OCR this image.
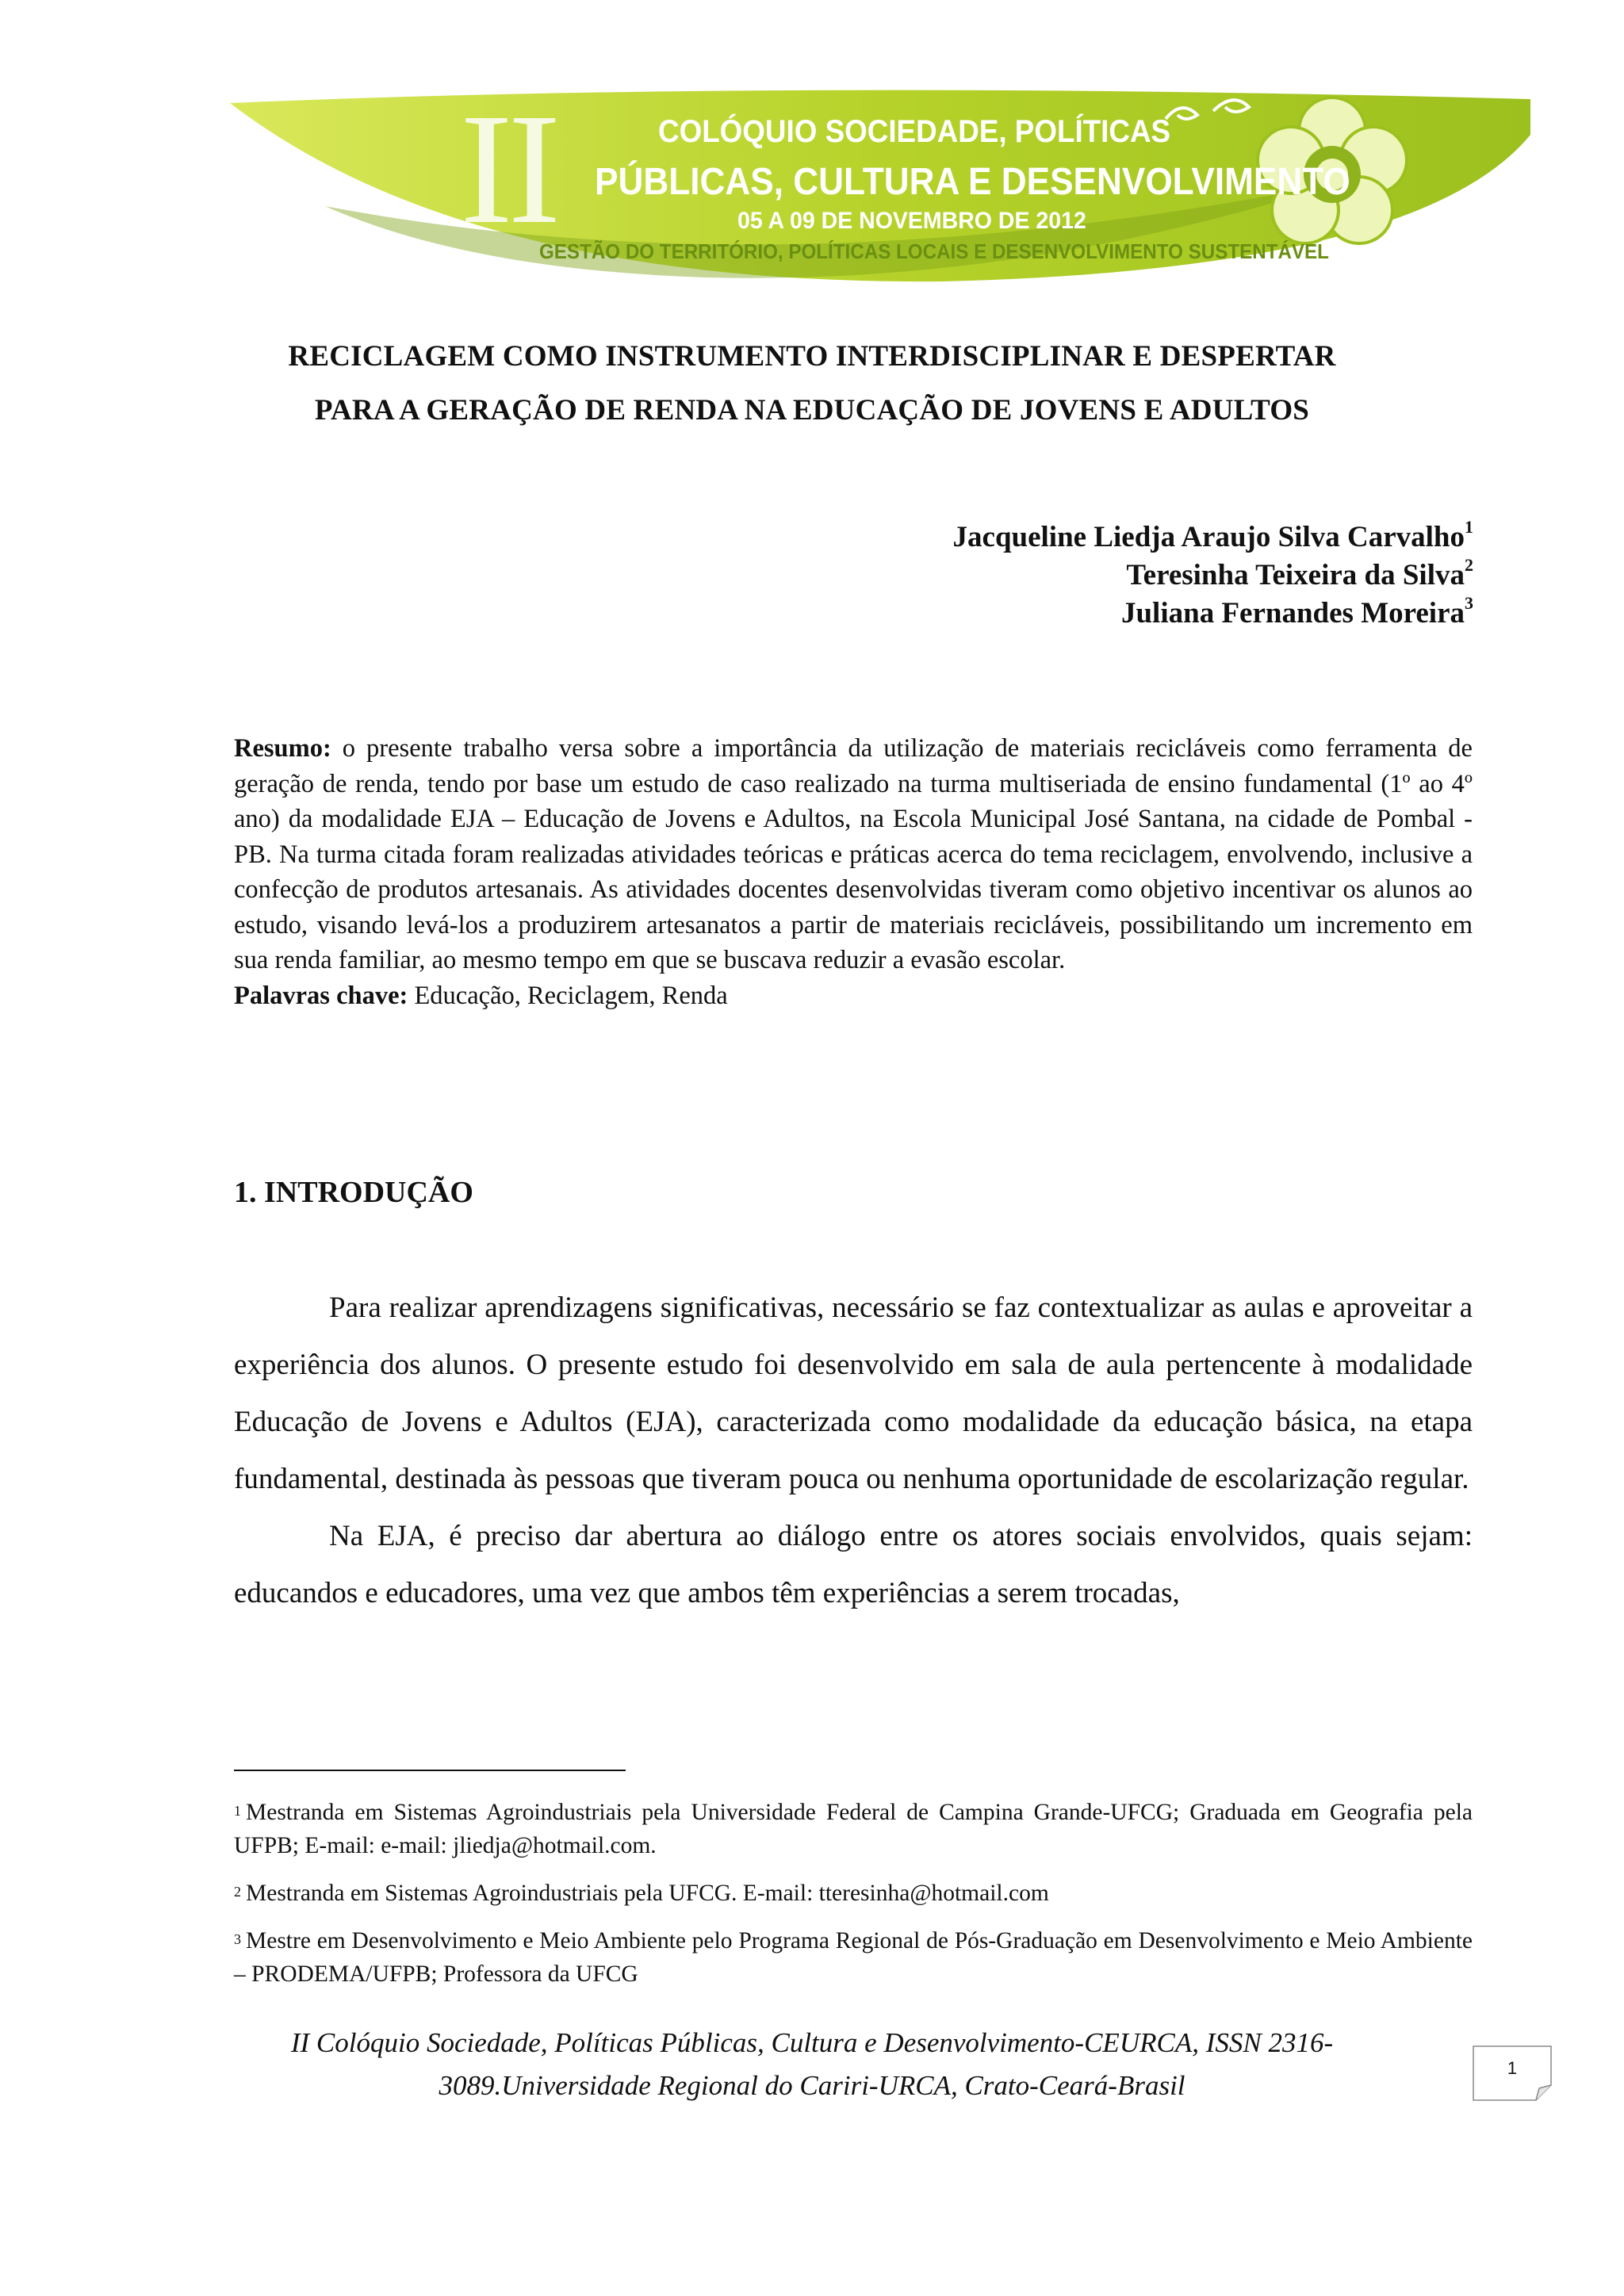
II	COLÓQUIO SOCIEDADE, POLÍTICAS
PÚBLICAS, CULTURA E DESENVOLVIMENTO
05 A 09 DE NOVEMBRO DE 2012
GESTÃO DO TERRITÓRIO, POLÍTICAS LOCAIS E DESENVOLVIMENTO SUSTENTÁVEL
RECICLAGEM COMO INSTRUMENTO INTERDISCIPLINAR E DESPERTAR
PARA A GERAÇÃO DE RENDA NA EDUCAÇÃO DE JOVENS E ADULTOS
Jacqueline Liedja Araujo Silva Carvalho$^1$
Teresinha Teixeira da Silva$^2$
Juliana Fernandes Moreira$^3$
Resumo: o presente trabalho versa sobre a importância da utilização de materiais recicláveis como ferramenta de geração de renda, tendo por base um estudo de caso realizado na turma multiseriada de ensino fundamental (1º ao 4º ano) da modalidade EJA – Educação de Jovens e Adultos, na Escola Municipal José Santana, na cidade de Pombal - PB. Na turma citada foram realizadas atividades teóricas e práticas acerca do tema reciclagem, envolvendo, inclusive a confecção de produtos artesanais. As atividades docentes desenvolvidas tiveram como objetivo incentivar os alunos ao estudo, visando levá-los a produzirem artesanatos a partir de materiais recicláveis, possibilitando um incremento em sua renda familiar, ao mesmo tempo em que se buscava reduzir a evasão escolar.
Palavras chave: Educação, Reciclagem, Renda
1. INTRODUÇÃO

Para realizar aprendizagens significativas, necessário se faz contextualizar as aulas e aproveitar a experiência dos alunos. O presente estudo foi desenvolvido em sala de aula pertencente à modalidade Educação de Jovens e Adultos (EJA), caracterizada como modalidade da educação básica, na etapa fundamental, destinada às pessoas que tiveram pouca ou nenhuma oportunidade de escolarização regular.

Na EJA, é preciso dar abertura ao diálogo entre os atores sociais envolvidos, quais sejam: educandos e educadores, uma vez que ambos têm experiências a serem trocadas,

$^1$ Mestranda em Sistemas Agroindustriais pela Universidade Federal de Campina Grande-UFCG; Graduada em Geografia pela UFPB; E-mail: e-mail: jliedja@hotmail.com.

$^2$ Mestranda em Sistemas Agroindustriais pela UFCG. E-mail: tteresinha@hotmail.com

$^3$ Mestre em Desenvolvimento e Meio Ambiente pelo Programa Regional de Pós-Graduação em Desenvolvimento e Meio Ambiente – PRODEMA/UFPB; Professora da UFCG

II Colóquio Sociedade, Políticas Públicas, Cultura e Desenvolvimento-CEURCA, ISSN 2316-
3089.Universidade Regional do Cariri-URCA, Crato-Ceará-Brasil
1
